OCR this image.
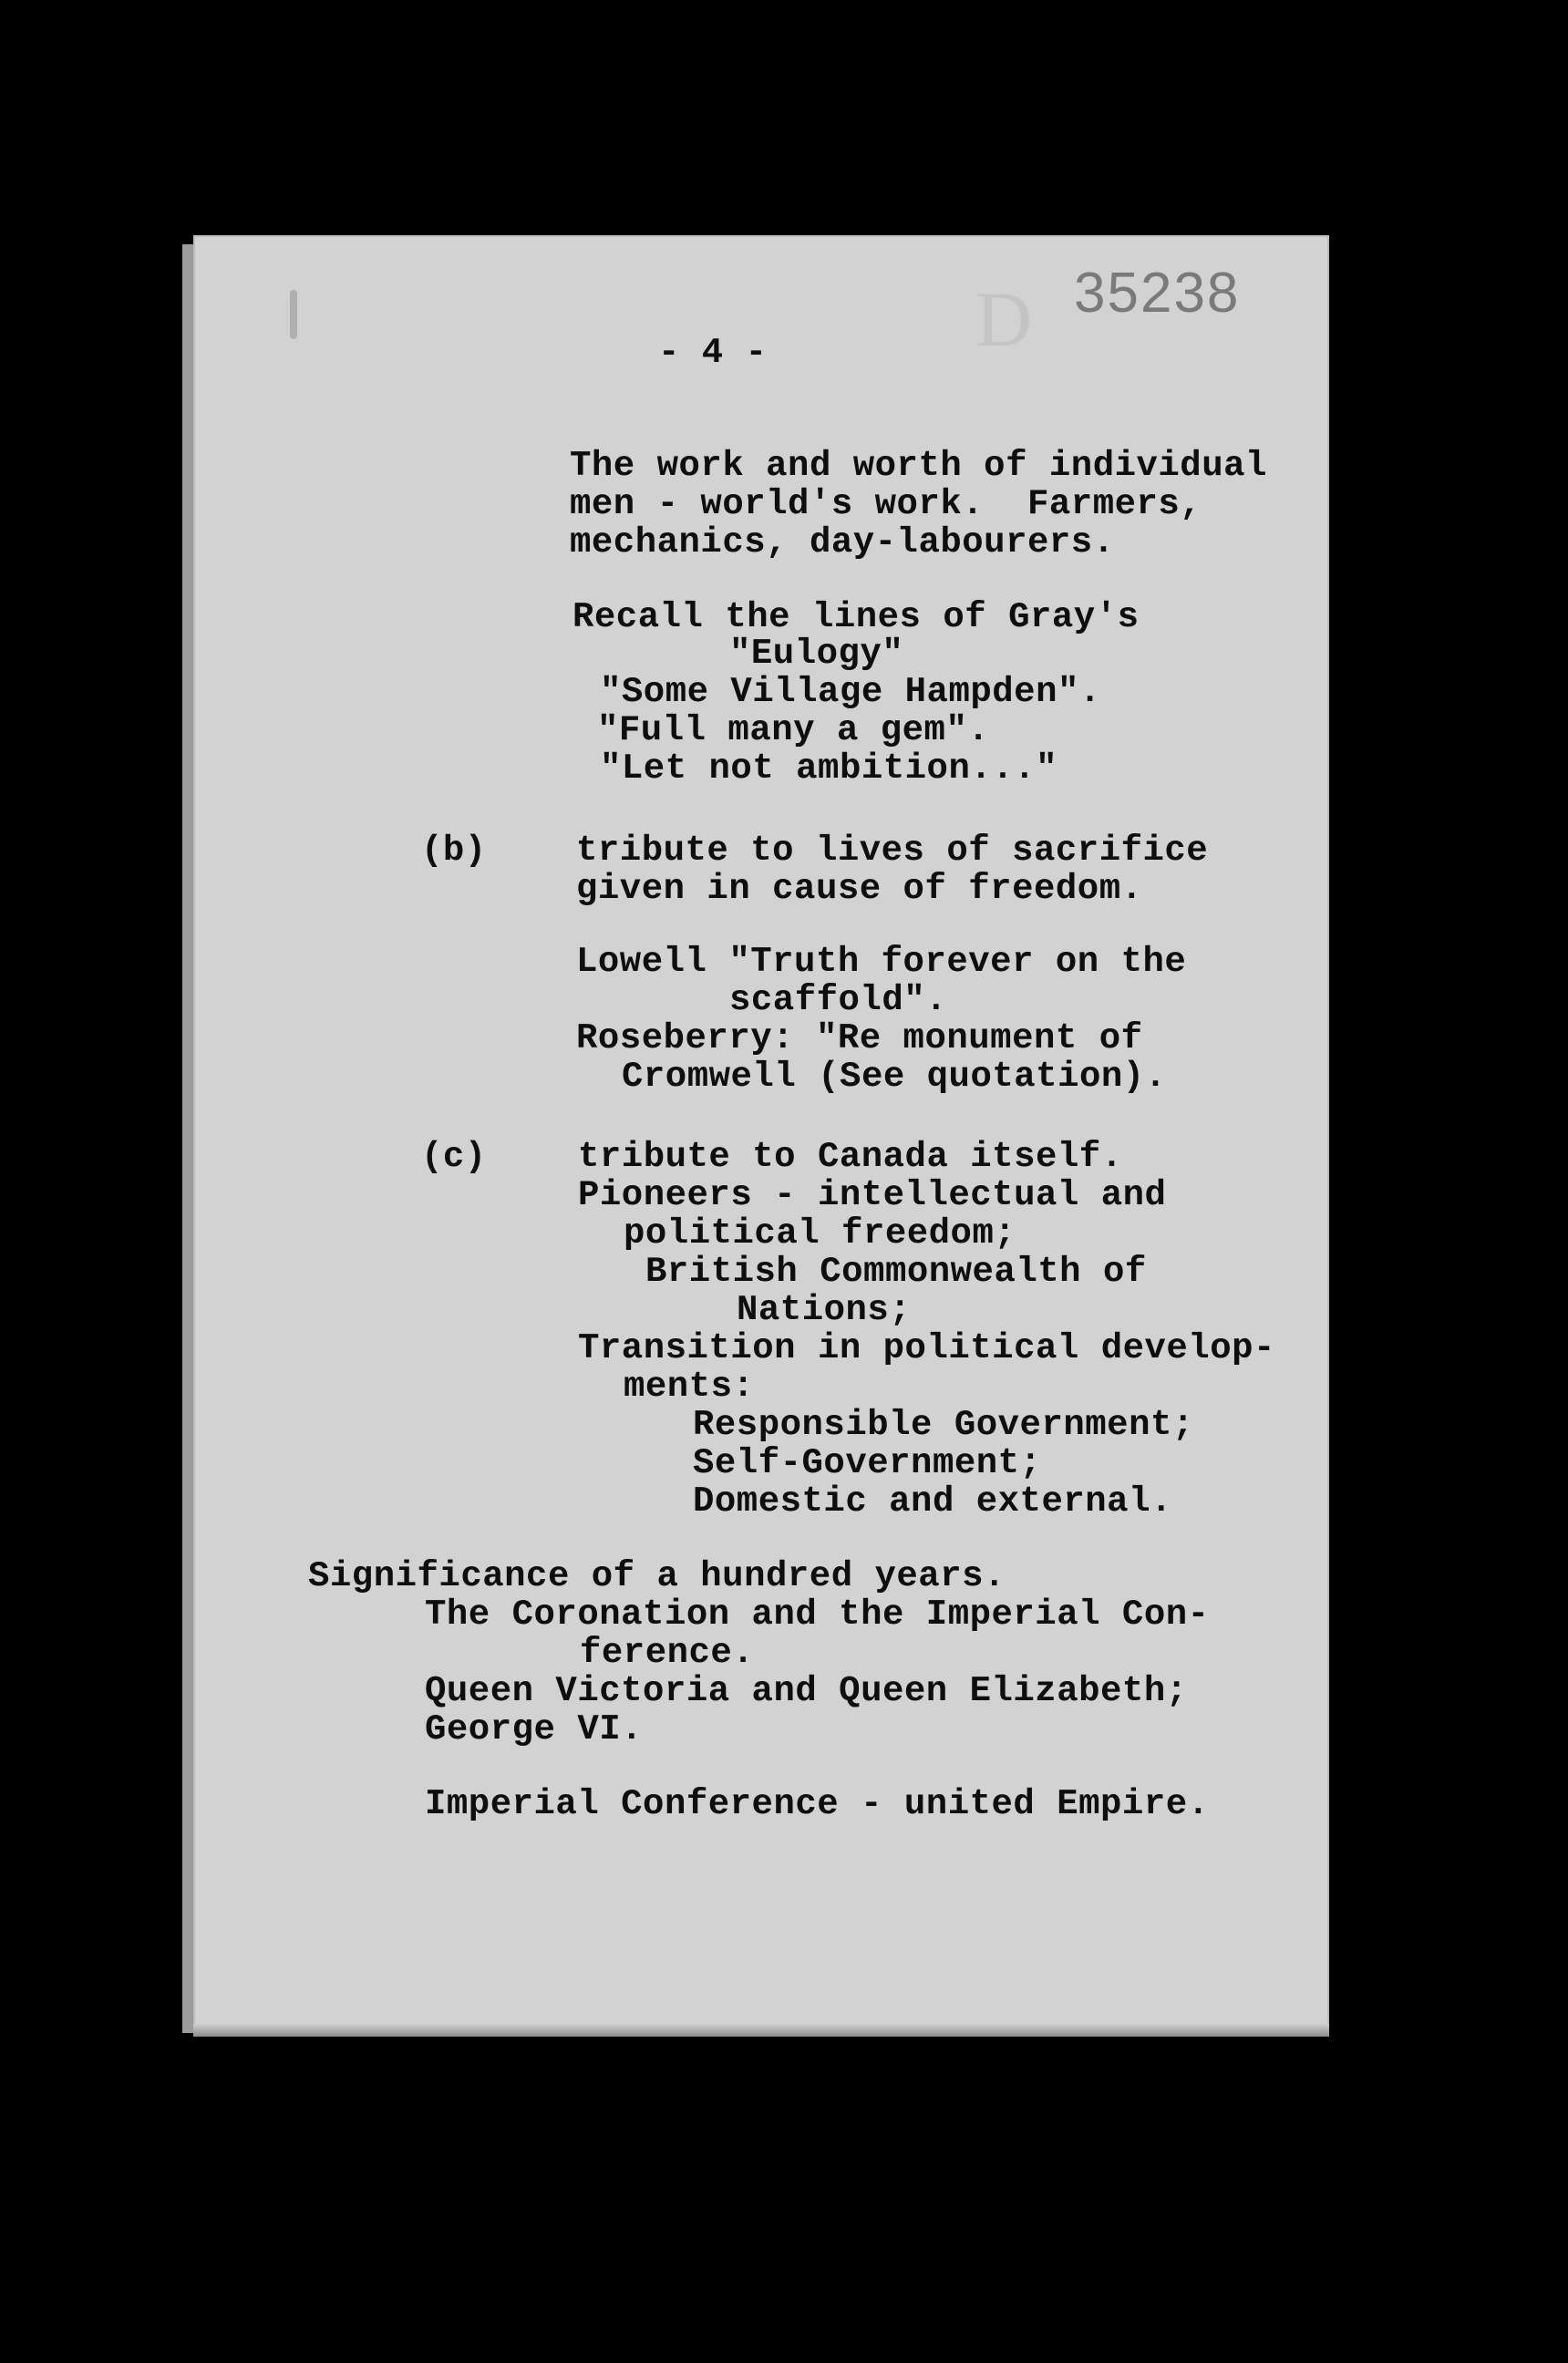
D 35238
- 4 -
The work and worth of individual
men - world's work.  Farmers,
mechanics, day-labourers.
Recall the lines of Gray's
"Eulogy"
"Some Village Hampden".
"Full many a gem".
"Let not ambition..."
(b)	tribute to lives of sacrifice
given in cause of freedom.
Lowell "Truth forever on the
scaffold".
Roseberry: "Re monument of
Cromwell (See quotation).
(c)	tribute to Canada itself.
Pioneers - intellectual and
political freedom;
British Commonwealth of
Nations;
Transition in political develop-
ments:
Responsible Government;
Self-Government;
Domestic and external.
Significance of a hundred years.
The Coronation and the Imperial Con-
ference.
Queen Victoria and Queen Elizabeth;
George VI.
Imperial Conference - united Empire.
